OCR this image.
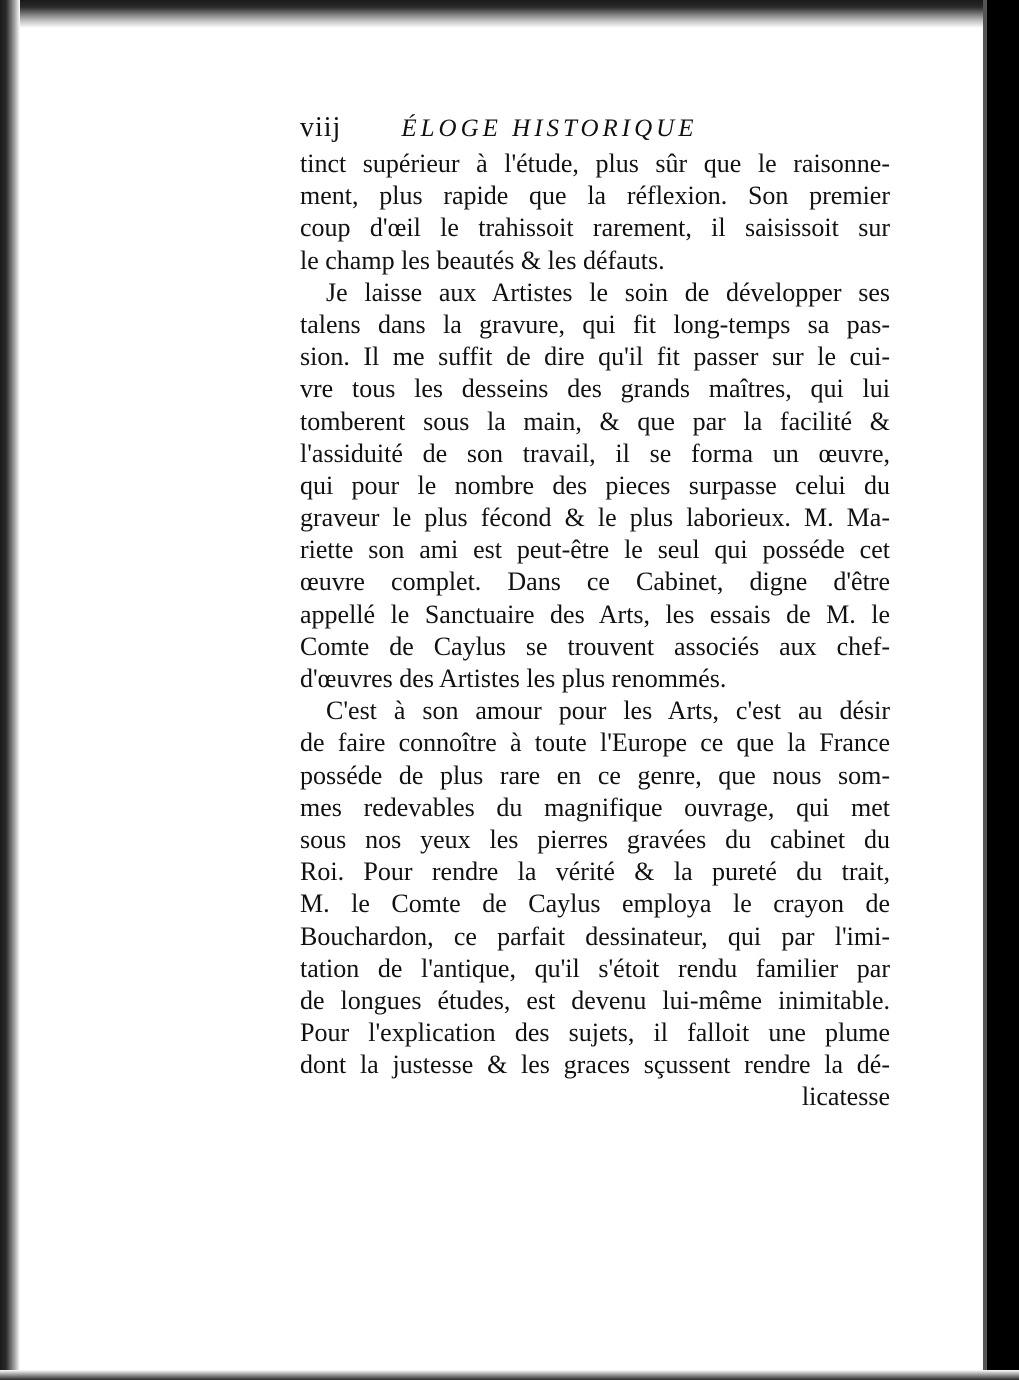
viij ÉLOGE HISTORIQUE
tinct supérieur à l'étude, plus sûr que le raisonne-
ment, plus rapide que la réflexion. Son premier
coup d'œil le trahissoit rarement, il saisissoit sur
le champ les beautés & les défauts.
Je laisse aux Artistes le soin de développer ses
talens dans la gravure, qui fit long-temps sa pas-
sion. Il me suffit de dire qu'il fit passer sur le cui-
vre tous les desseins des grands maîtres, qui lui
tomberent sous la main, & que par la facilité &
l'assiduité de son travail, il se forma un œuvre,
qui pour le nombre des pieces surpasse celui du
graveur le plus fécond & le plus laborieux. M. Ma-
riette son ami est peut-être le seul qui posséde cet
œuvre complet. Dans ce Cabinet, digne d'être
appellé le Sanctuaire des Arts, les essais de M. le
Comte de Caylus se trouvent associés aux chef-
d'œuvres des Artistes les plus renommés.
C'est à son amour pour les Arts, c'est au désir
de faire connoître à toute l'Europe ce que la France
posséde de plus rare en ce genre, que nous som-
mes redevables du magnifique ouvrage, qui met
sous nos yeux les pierres gravées du cabinet du
Roi. Pour rendre la vérité & la pureté du trait,
M. le Comte de Caylus employa le crayon de
Bouchardon, ce parfait dessinateur, qui par l'imi-
tation de l'antique, qu'il s'étoit rendu familier par
de longues études, est devenu lui-même inimitable.
Pour l'explication des sujets, il falloit une plume
dont la justesse & les graces sçussent rendre la dé-
licatesse
